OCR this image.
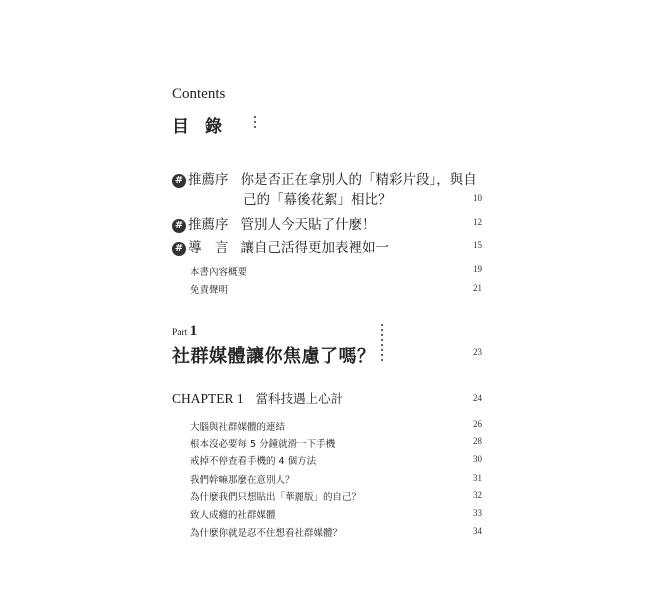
Contents
目錄
# 推薦序 你是否正在拿別人的「精彩片段」，與自
己的「幕後花絮」相比？	10
# 推薦序 管別人今天貼了什麼！	12
# 導　言 讓自己活得更加表裡如一	15
本書內容概要	19
免責聲明	21
Part 1
社群媒體讓你焦慮了嗎？	23
CHAPTER 1 當科技遇上心計	24
大腦與社群媒體的連結	26
根本沒必要每 5 分鐘就滑一下手機	28
戒掉不停查看手機的 4 個方法	30
我們幹嘛那麼在意別人？	31
為什麼我們只想貼出「華麗版」的自己？	32
致人成癮的社群媒體	33
為什麼你就是忍不住想看社群媒體？	34
